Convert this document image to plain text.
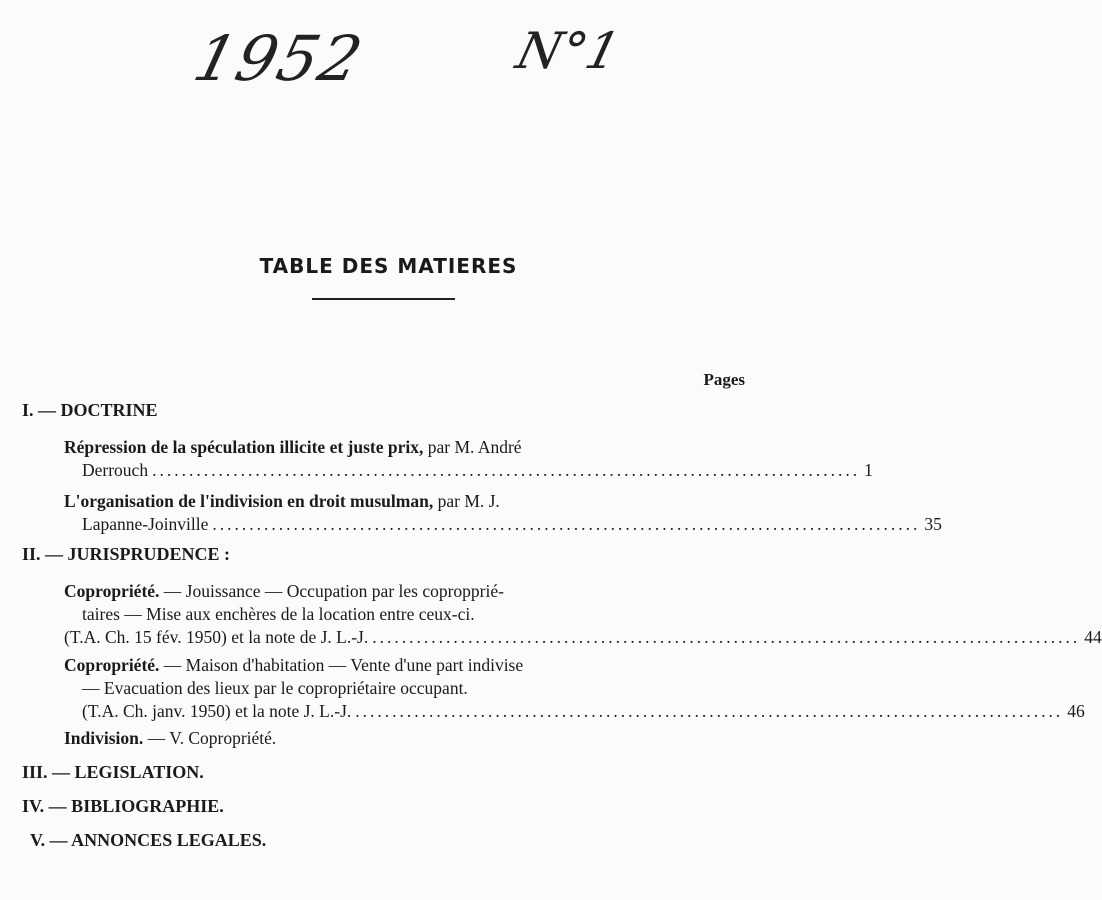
1952	N°1
TABLE DES MATIERES
Pages
I. — DOCTRINE
Répression de la spéculation illicite et juste prix, par M. André
Derrouch ................................................................................................ 1
L'organisation de l'indivision en droit musulman, par M. J.
Lapanne-Joinville ................................................................................................ 35
II. — JURISPRUDENCE :
Copropriété. — Jouissance — Occupation par les copropprié-
taires — Mise aux enchères de la location entre ceux-ci.
(T.A. Ch. 15 fév. 1950) et la note de J. L.-J. ................................................................................................ 44
Copropriété. — Maison d'habitation — Vente d'une part indivise
— Evacuation des lieux par le copropriétaire occupant.
(T.A. Ch. janv. 1950) et la note J. L.-J. ................................................................................................ 46
Indivision. — V. Copropriété.
III. — LEGISLATION.
IV. — BIBLIOGRAPHIE.
V. — ANNONCES LEGALES.
